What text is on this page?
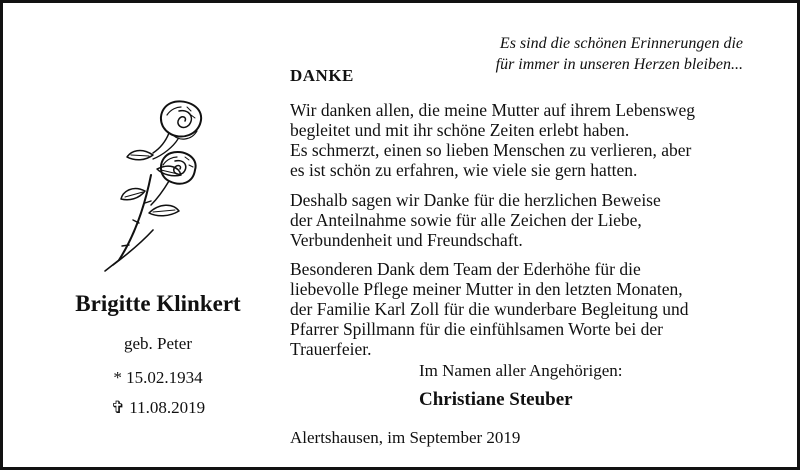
Es sind die schönen Erinnerungen die
für immer in unseren Herzen bleiben...
DANKE
Wir danken allen, die meine Mutter auf ihrem Lebensweg
begleitet und mit ihr schöne Zeiten erlebt haben.
Es schmerzt, einen so lieben Menschen zu verlieren, aber
es ist schön zu erfahren, wie viele sie gern hatten.
Deshalb sagen wir Danke für die herzlichen Beweise
der Anteilnahme sowie für alle Zeichen der Liebe,
Verbundenheit und Freundschaft.
Besonderen Dank dem Team der Ederhöhe für die
liebevolle Pflege meiner Mutter in den letzten Monaten,
der Familie Karl Zoll für die wunderbare Begleitung und
Pfarrer Spillmann für die einfühlsamen Worte bei der
Trauerfeier.
Im Namen aller Angehörigen:
Christiane Steuber
Alertshausen, im September 2019
Brigitte Klinkert
geb. Peter
* 15.02.1934
✞ 11.08.2019
